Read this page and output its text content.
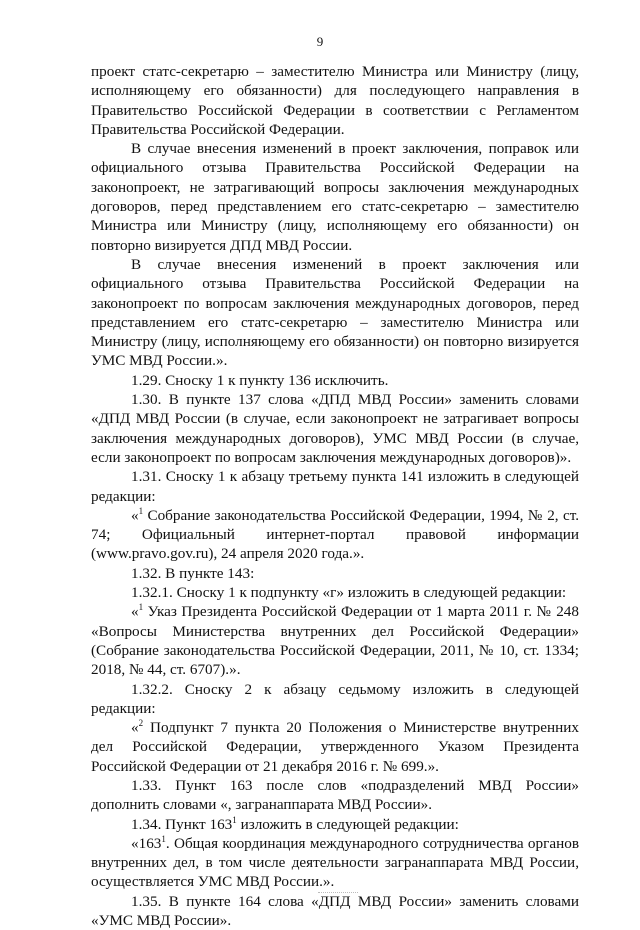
9

проект статс-секретарю – заместителю Министра или Министру (лицу, исполняющему его обязанности) для последующего направления в Правительство Российской Федерации в соответствии с Регламентом Правительства Российской Федерации.

В случае внесения изменений в проект заключения, поправок или официального отзыва Правительства Российской Федерации на законопроект, не затрагивающий вопросы заключения международных договоров, перед представлением его статс-секретарю – заместителю Министра или Министру (лицу, исполняющему его обязанности) он повторно визируется ДПД МВД России.

В случае внесения изменений в проект заключения или официального отзыва Правительства Российской Федерации на законопроект по вопросам заключения международных договоров, перед представлением его статс-секретарю – заместителю Министра или Министру (лицу, исполняющему его обязанности) он повторно визируется УМС МВД России.».

1.29. Сноску 1 к пункту 136 исключить.

1.30. В пункте 137 слова «ДПД МВД России» заменить словами «ДПД МВД России (в случае, если законопроект не затрагивает вопросы заключения международных договоров), УМС МВД России (в случае, если законопроект по вопросам заключения международных договоров)».

1.31. Сноску 1 к абзацу третьему пункта 141 изложить в следующей редакции:

«$^1$ Собрание законодательства Российской Федерации, 1994, № 2, ст. 74; Официальный интернет-портал правовой информации (www.pravo.gov.ru), 24 апреля 2020 года.».

1.32. В пункте 143:

1.32.1. Сноску 1 к подпункту «г» изложить в следующей редакции:

«$^1$ Указ Президента Российской Федерации от 1 марта 2011 г. № 248 «Вопросы Министерства внутренних дел Российской Федерации» (Собрание законодательства Российской Федерации, 2011, № 10, ст. 1334; 2018, № 44, ст. 6707).».

1.32.2. Сноску 2 к абзацу седьмому изложить в следующей редакции:

«$^2$ Подпункт 7 пункта 20 Положения о Министерстве внутренних дел Российской Федерации, утвержденного Указом Президента Российской Федерации от 21 декабря 2016 г. № 699.».

1.33. Пункт 163 после слов «подразделений МВД России» дополнить словами «, загранаппарата МВД России».

1.34. Пункт $163^1$ изложить в следующей редакции:

«$163^1$. Общая координация международного сотрудничества органов внутренних дел, в том числе деятельности загранаппарата МВД России, осуществляется УМС МВД России.».

1.35. В пункте 164 слова «ДПД МВД России» заменить словами «УМС МВД России».
